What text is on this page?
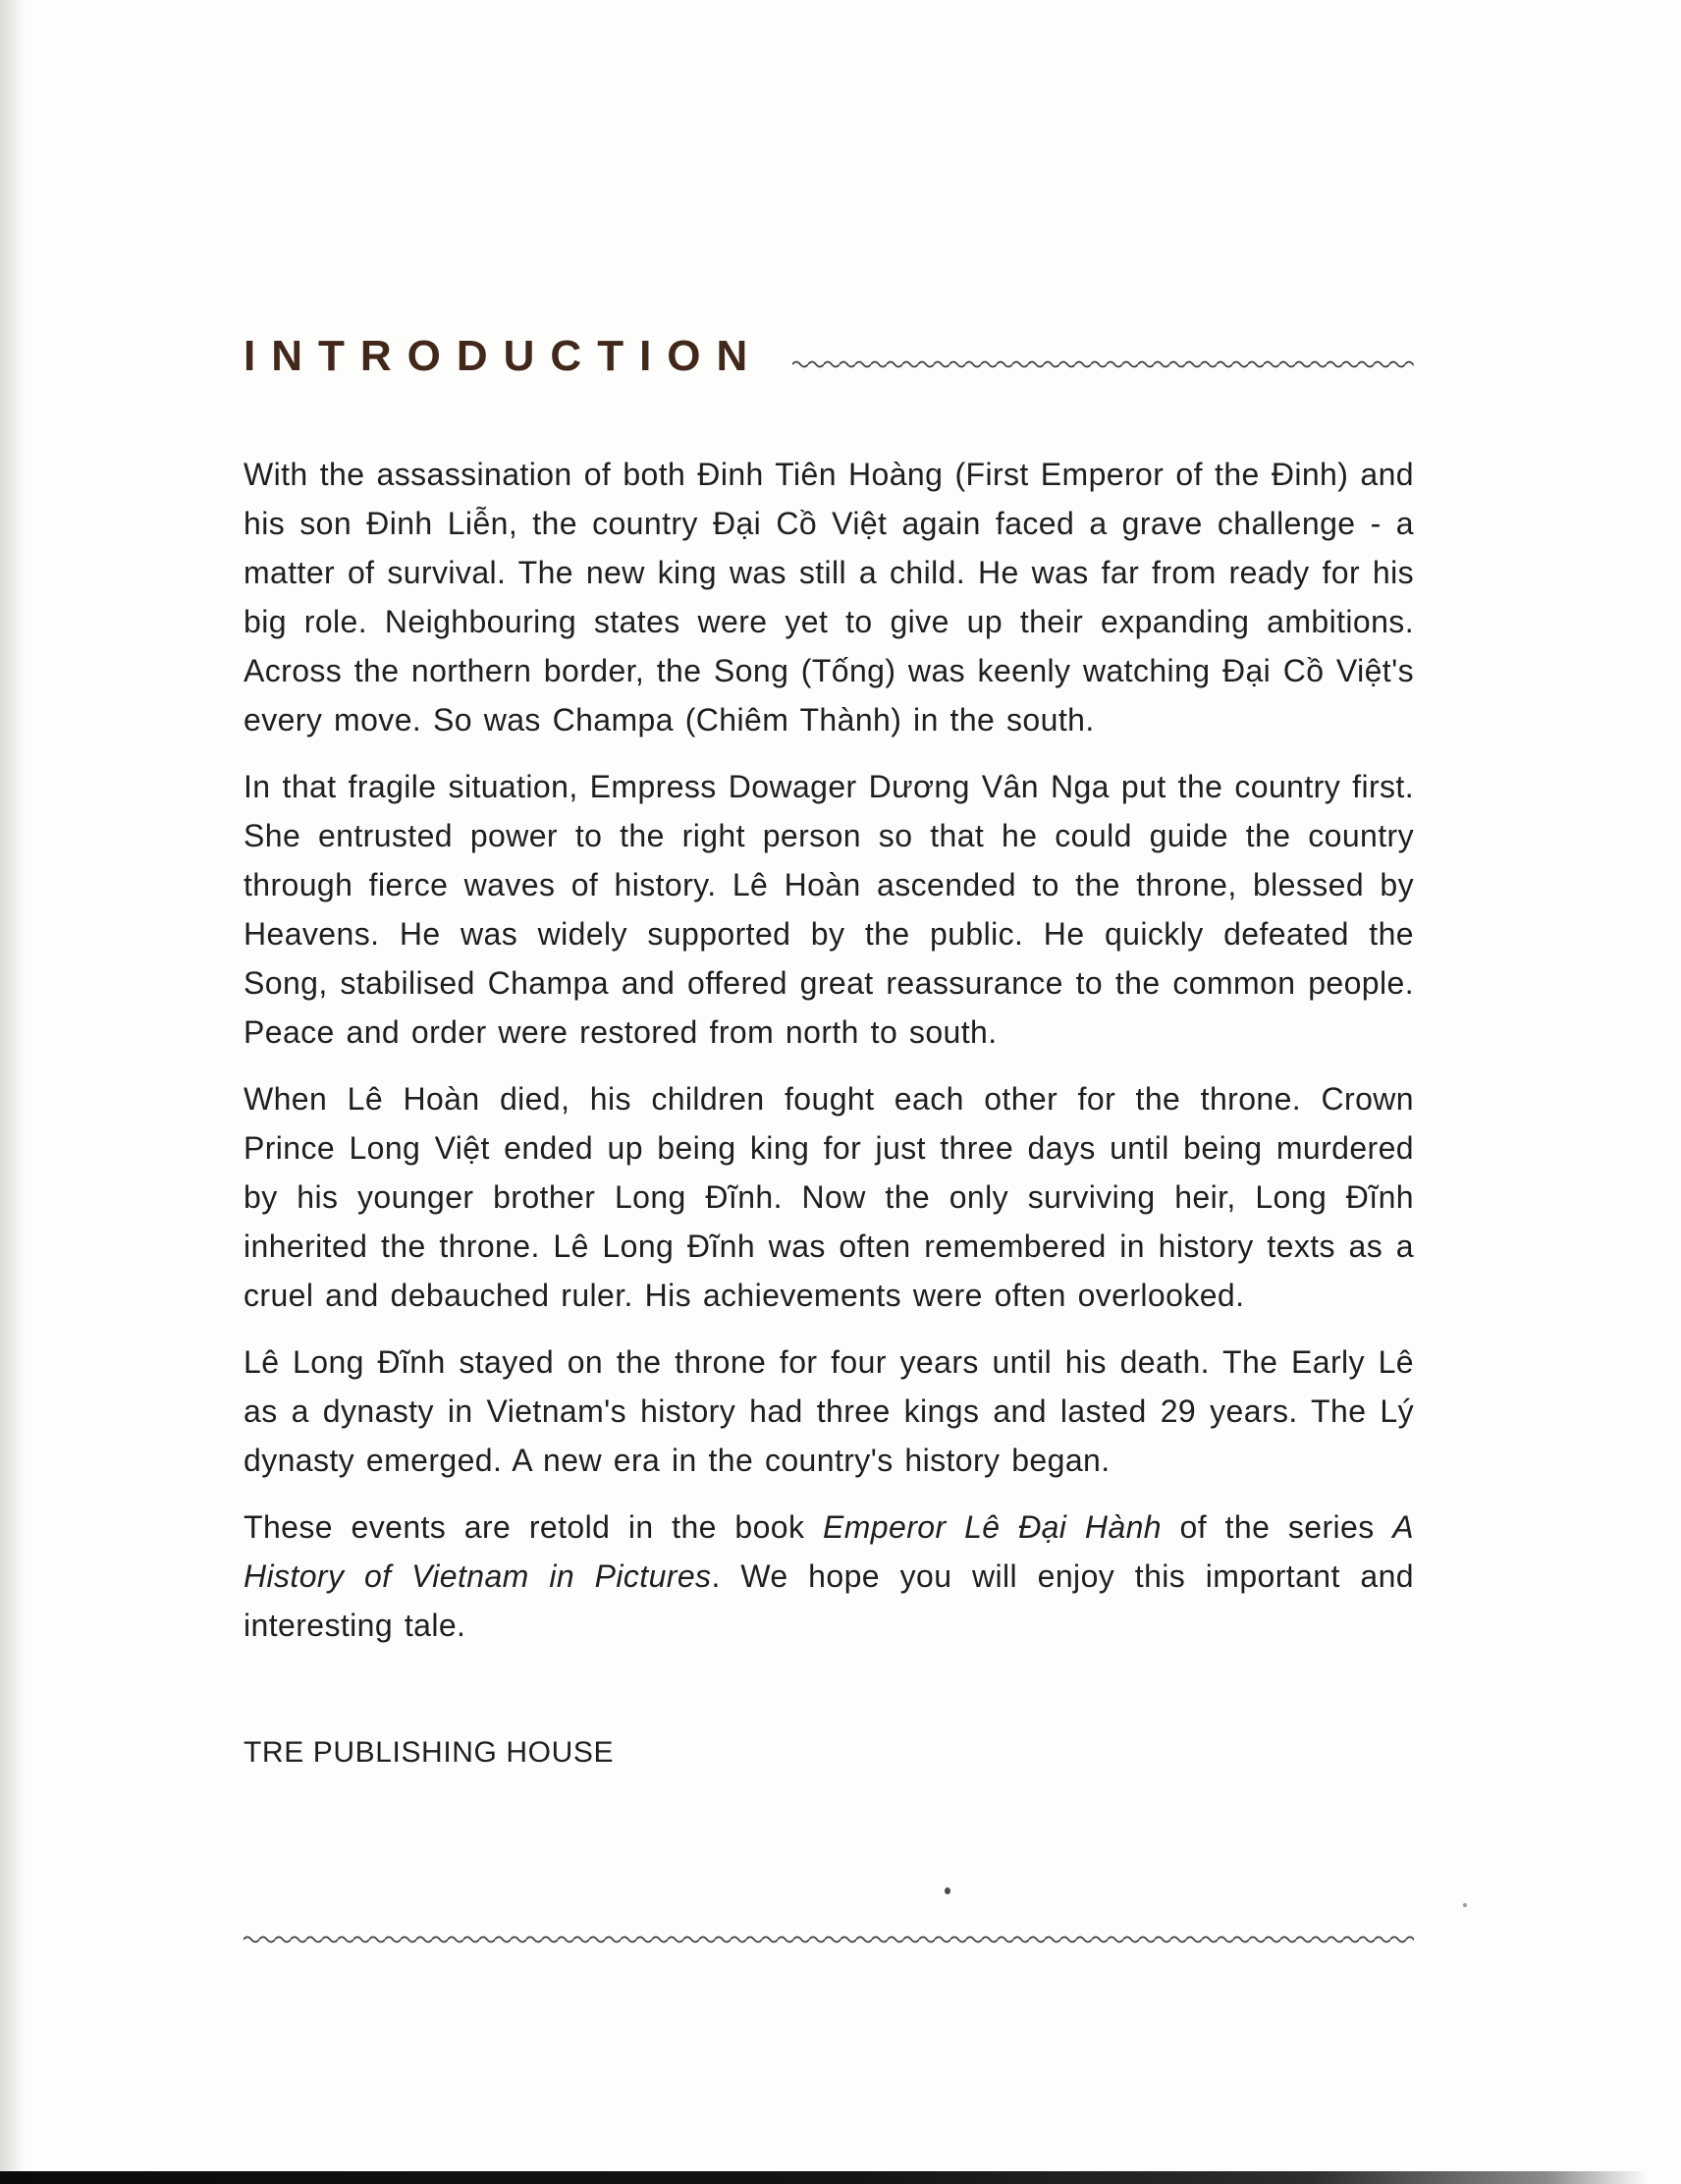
INTRODUCTION

With the assassination of both Đinh Tiên Hoàng (First Emperor of the Đinh) and his son Đinh Liễn, the country Đại Cồ Việt again faced a grave challenge - a matter of survival. The new king was still a child. He was far from ready for his big role. Neighbouring states were yet to give up their expanding ambitions. Across the northern border, the Song (Tống) was keenly watching Đại Cồ Việt's every move. So was Champa (Chiêm Thành) in the south.

In that fragile situation, Empress Dowager Dương Vân Nga put the country first. She entrusted power to the right person so that he could guide the country through fierce waves of history. Lê Hoàn ascended to the throne, blessed by Heavens. He was widely supported by the public. He quickly defeated the Song, stabilised Champa and offered great reassurance to the common people. Peace and order were restored from north to south.

When Lê Hoàn died, his children fought each other for the throne. Crown Prince Long Việt ended up being king for just three days until being murdered by his younger brother Long Đĩnh. Now the only surviving heir, Long Đĩnh inherited the throne. Lê Long Đĩnh was often remembered in history texts as a cruel and debauched ruler. His achievements were often overlooked.

Lê Long Đĩnh stayed on the throne for four years until his death. The Early Lê as a dynasty in Vietnam's history had three kings and lasted 29 years. The Lý dynasty emerged. A new era in the country's history began.

These events are retold in the book Emperor Lê Đại Hành of the series A History of Vietnam in Pictures. We hope you will enjoy this important and interesting tale.

TRE PUBLISHING HOUSE
